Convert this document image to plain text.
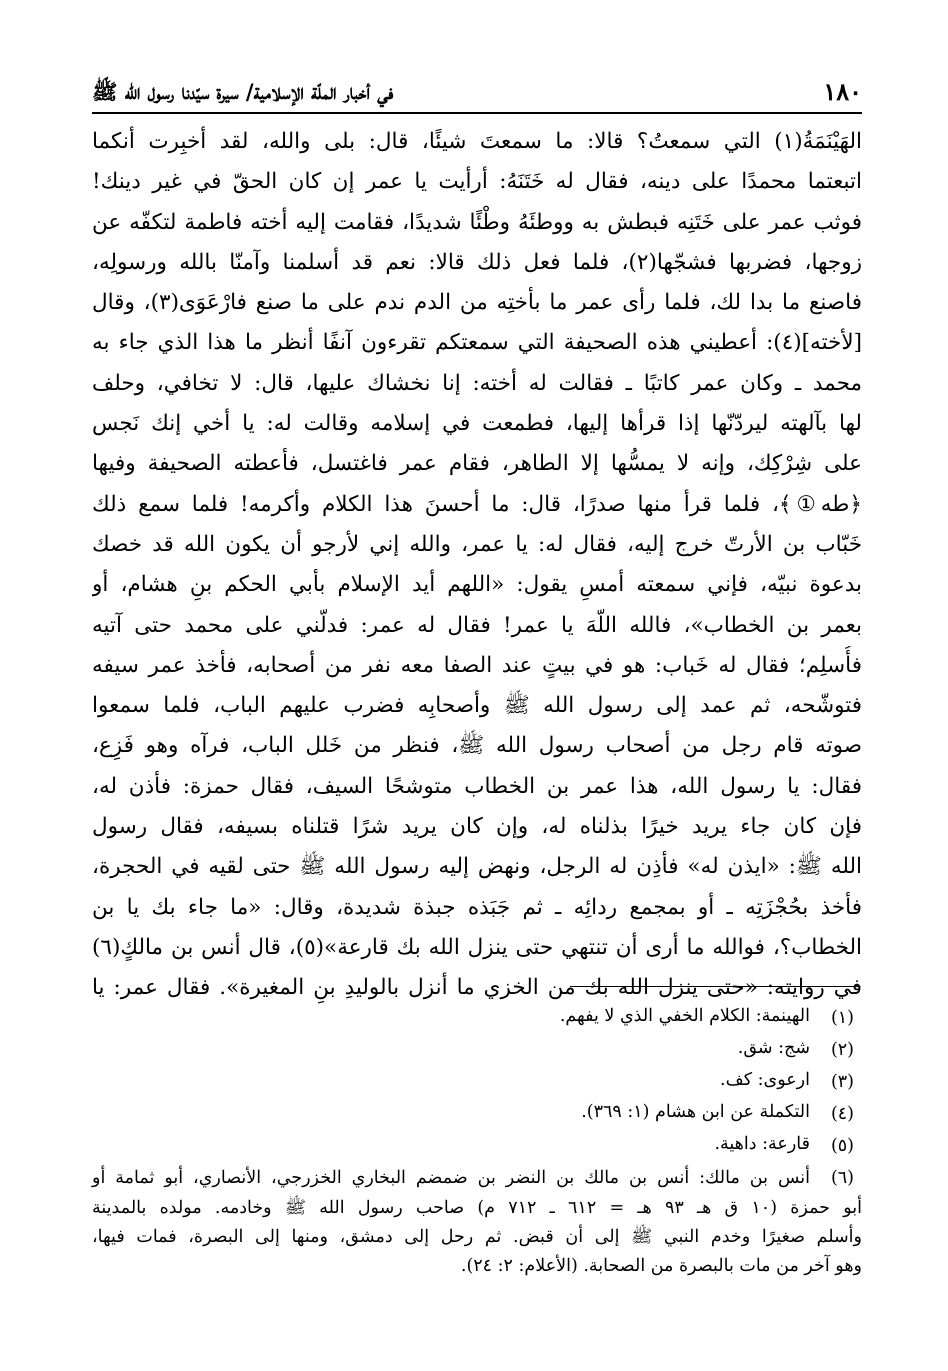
١٨٠
في أخبار الملّة الإسلامية/ سيرة سيّدنا رسول الله ﷺ
الهَيْنَمَةُ(١) التي سمعتُ؟ قالا: ما سمعتَ شيئًا، قال: بلى والله، لقد أخبِرت أنكما
اتبعتما محمدًا على دينه، فقال له خَتَنَهُ: أرأيت يا عمر إن كان الحقّ في غير دينك!
فوثب عمر على خَتَنِه فبطش به ووطئَهُ وطْئًا شديدًا، فقامت إليه أخته فاطمة لتكفّه عن
زوجها، فضربها فشجّها(٢)، فلما فعل ذلك قالا: نعم قد أسلمنا وآمنّا بالله ورسولِه،
فاصنع ما بدا لك، فلما رأى عمر ما بأختِه من الدم ندم على ما صنع فارْعَوَى(٣)، وقال
[لأخته](٤): أعطيني هذه الصحيفة التي سمعتكم تقرءون آنفًا أنظر ما هذا الذي جاء به
محمد ـ وكان عمر كاتبًا ـ فقالت له أخته: إنا نخشاك عليها، قال: لا تخافي، وحلف
لها بآلهته ليردّنّها إذا قرأها إليها، فطمعت في إسلامه وقالت له: يا أخي إنك نَجس
على شِرْكِك، وإنه لا يمسُّها إلا الطاهر، فقام عمر فاغتسل، فأعطته الصحيفة وفيها
﴿طه①﴾، فلما قرأ منها صدرًا، قال: ما أحسنَ هذا الكلام وأكرمه! فلما سمع ذلك
خَبّاب بن الأرتّ خرج إليه، فقال له: يا عمر، والله إني لأرجو أن يكون الله قد خصك
بدعوة نبيّه، فإني سمعته أمسِ يقول: «اللهم أيد الإسلام بأبي الحكم بنِ هشام، أو
بعمر بن الخطاب»، فالله اللّهَ يا عمر! فقال له عمر: فدلّني على محمد حتى آتيه
فأُسلِم؛ فقال له خَباب: هو في بيتٍ عند الصفا معه نفر من أصحابه، فأخذ عمر سيفه
فتوشّحه، ثم عمد إلى رسول الله ﷺ وأصحابِه فضرب عليهم الباب، فلما سمعوا
صوته قام رجل من أصحاب رسول الله ﷺ، فنظر من خَلل الباب، فرآه وهو فَزِع،
فقال: يا رسول الله، هذا عمر بن الخطاب متوشحًا السيف، فقال حمزة: فأذن له،
فإن كان جاء يريد خيرًا بذلناه له، وإن كان يريد شرًا قتلناه بسيفه، فقال رسول
الله ﷺ: «ايذن له» فأذِن له الرجل، ونهض إليه رسول الله ﷺ حتى لقيه في الحجرة،
فأخذ بحُجْزَتِه ـ أو بمجمع ردائِه ـ ثم جَبَذه جبذة شديدة، وقال: «ما جاء بك يا بن
الخطاب؟، فوالله ما أرى أن تنتهي حتى ينزل الله بك قارعة»(٥)، قال أنس بن مالكٍ(٦)
في روايته: «حتى ينزل الله بك من الخزي ما أنزل بالوليدِ بنِ المغيرة». فقال عمر: يا
(١)
الهينمة: الكلام الخفي الذي لا يفهم.
(٢)
شج: شق.
(٣)
ارعوى: كف.
(٤)
التكملة عن ابن هشام (١: ٣٦٩).
(٥)
قارعة: داهية.
(٦)
أنس بن مالك: أنس بن مالك بن النضر بن ضمضم البخاري الخزرجي، الأنصاري، أبو ثمامة أو
أبو حمزة (١٠ ق هـ ٩٣ هـ = ٦١٢ ـ ٧١٢ م) صاحب رسول الله ﷺ وخادمه. مولده بالمدينة
وأسلم صغيرًا وخدم النبي ﷺ إلى أن قبض. ثم رحل إلى دمشق، ومنها إلى البصرة، فمات فيها،
وهو آخر من مات بالبصرة من الصحابة. (الأعلام: ٢: ٢٤).
